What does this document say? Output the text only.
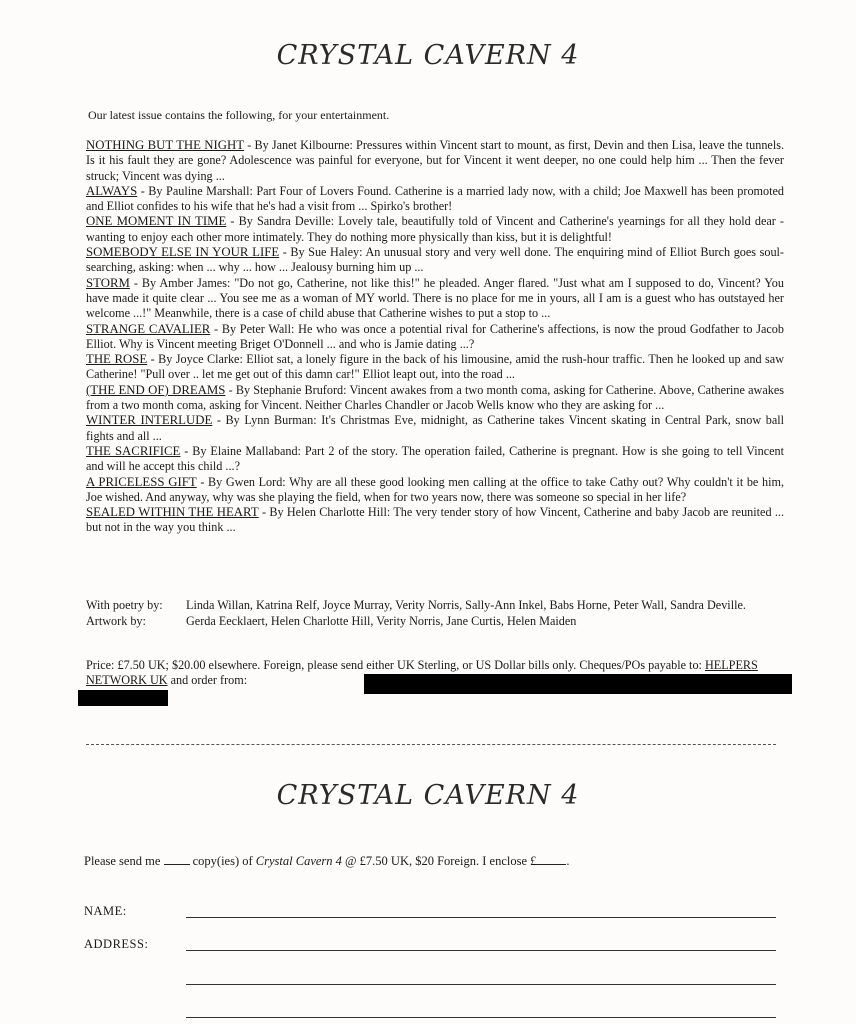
CRYSTAL CAVERN 4
Our latest issue contains the following, for your entertainment.

NOTHING BUT THE NIGHT - By Janet Kilbourne: Pressures within Vincent start to mount, as first, Devin and then Lisa, leave the tunnels. Is it his fault they are gone? Adolescence was painful for everyone, but for Vincent it went deeper, no one could help him ... Then the fever struck; Vincent was dying ...

ALWAYS - By Pauline Marshall: Part Four of Lovers Found. Catherine is a married lady now, with a child; Joe Maxwell has been promoted and Elliot confides to his wife that he's had a visit from ... Spirko's brother!

ONE MOMENT IN TIME - By Sandra Deville: Lovely tale, beautifully told of Vincent and Catherine's yearnings for all they hold dear - wanting to enjoy each other more intimately. They do nothing more physically than kiss, but it is delightful!

SOMEBODY ELSE IN YOUR LIFE - By Sue Haley: An unusual story and very well done. The enquiring mind of Elliot Burch goes soul-searching, asking: when ... why ... how ... Jealousy burning him up ...

STORM - By Amber James: "Do not go, Catherine, not like this!" he pleaded. Anger flared. "Just what am I supposed to do, Vincent? You have made it quite clear ... You see me as a woman of MY world. There is no place for me in yours, all I am is a guest who has outstayed her welcome ...!" Meanwhile, there is a case of child abuse that Catherine wishes to put a stop to ...

STRANGE CAVALIER - By Peter Wall: He who was once a potential rival for Catherine's affections, is now the proud Godfather to Jacob Elliot. Why is Vincent meeting Briget O'Donnell ... and who is Jamie dating ...?

THE ROSE - By Joyce Clarke: Elliot sat, a lonely figure in the back of his limousine, amid the rush-hour traffic. Then he looked up and saw Catherine! "Pull over .. let me get out of this damn car!" Elliot leapt out, into the road ...

(THE END OF) DREAMS - By Stephanie Bruford: Vincent awakes from a two month coma, asking for Catherine. Above, Catherine awakes from a two month coma, asking for Vincent. Neither Charles Chandler or Jacob Wells know who they are asking for ...

WINTER INTERLUDE - By Lynn Burman: It's Christmas Eve, midnight, as Catherine takes Vincent skating in Central Park, snow ball fights and all ...

THE SACRIFICE - By Elaine Mallaband: Part 2 of the story. The operation failed, Catherine is pregnant. How is she going to tell Vincent and will he accept this child ...?

A PRICELESS GIFT - By Gwen Lord: Why are all these good looking men calling at the office to take Cathy out? Why couldn't it be him, Joe wished. And anyway, why was she playing the field, when for two years now, there was someone so special in her life?

SEALED WITHIN THE HEART - By Helen Charlotte Hill: The very tender story of how Vincent, Catherine and baby Jacob are reunited ... but not in the way you think ...

With poetry by:	Linda Willan, Katrina Relf, Joyce Murray, Verity Norris, Sally-Ann Inkel, Babs Horne, Peter Wall, Sandra Deville.
Artwork by:	Gerda Eecklaert, Helen Charlotte Hill, Verity Norris, Jane Curtis, Helen Maiden
Price: £7.50 UK; $20.00 elsewhere. Foreign, please send either UK Sterling, or US Dollar bills only. Cheques/POs payable to: HELPERS NETWORK UK and order from:
CRYSTAL CAVERN 4
Please send me  copy(ies) of Crystal Cavern 4 @ £7.50 UK, $20 Foreign. I enclose £ .
NAME:
ADDRESS:
